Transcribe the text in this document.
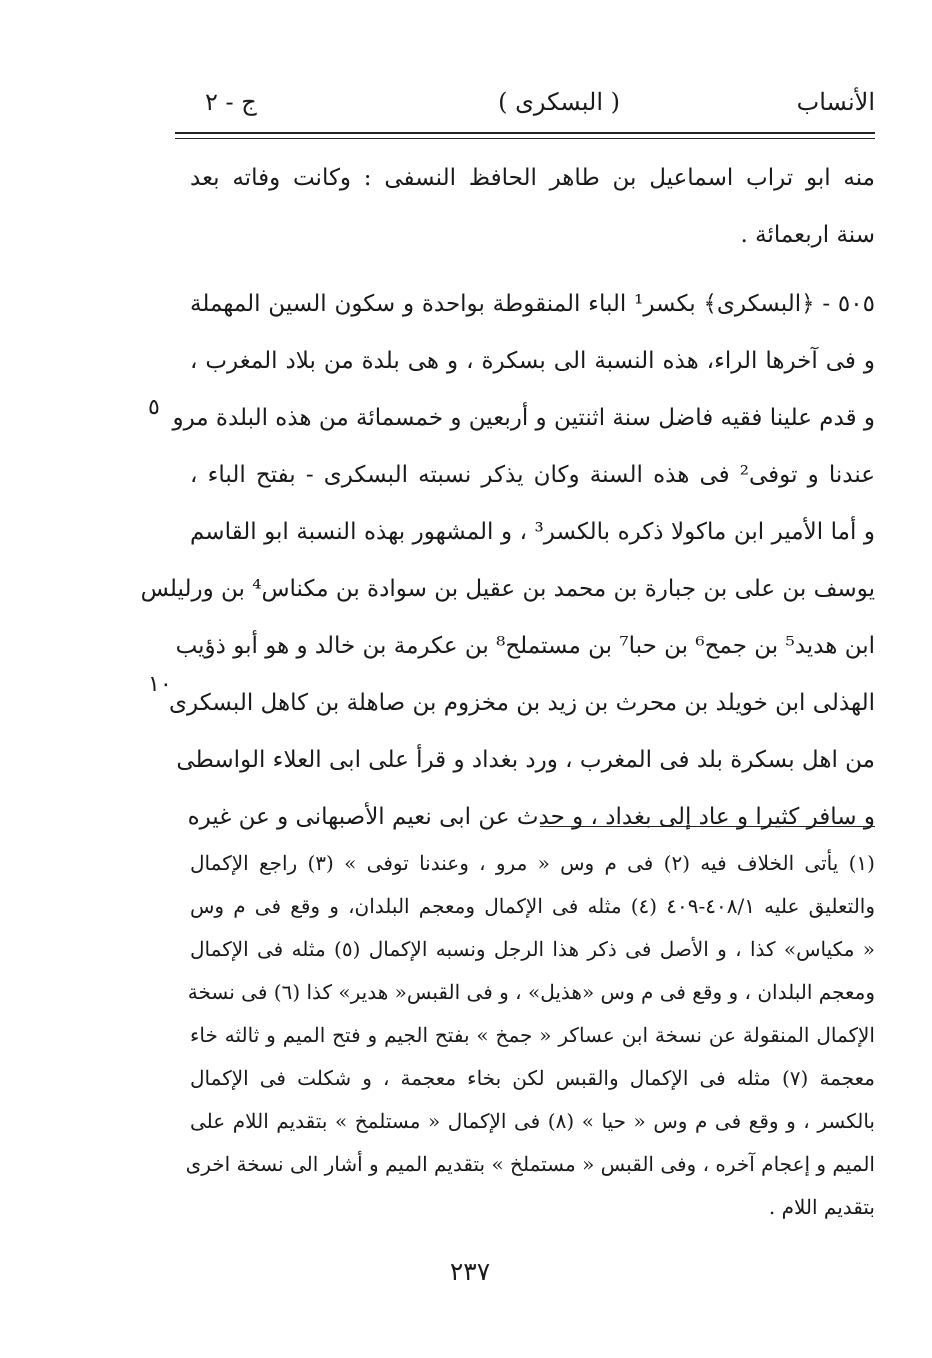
الأنساب
( البسكرى )
ج - ٢
منه ابو تراب اسماعيل بن طاهر الحافظ النسفى : وكانت وفاته بعد
سنة اربعمائة .
٥٠٥ - ﴿البسكرى﴾ بكسر¹ الباء المنقوطة بواحدة و سكون السين المهملة
و فى آخرها الراء، هذه النسبة الى بسكرة ، و هى بلدة من بلاد المغرب ،
و قدم علينا فقيه فاضل سنة اثنتين و أربعين و خمسمائة من هذه البلدة مرو
عندنا و توفى² فى هذه السنة وكان يذكر نسبته البسكرى - بفتح الباء ،
و أما الأمير ابن ماكولا ذكره بالكسر³ ، و المشهور بهذه النسبة ابو القاسم
يوسف بن على بن جبارة بن محمد بن عقيل بن سوادة بن مكناس⁴ بن ورليلس
ابن هديد⁵ بن جمح⁶ بن حبا⁷ بن مستملح⁸ بن عكرمة بن خالد و هو أبو ذؤيب
الهذلى ابن خويلد بن محرث بن زيد بن مخزوم بن صاهلة بن كاهل البسكرى
من اهل بسكرة بلد فى المغرب ، ورد بغداد و قرأ على ابى العلاء الواسطى
و سافر كثيرا و عاد إلى بغداد ، و حدث عن ابى نعيم الأصبهانى و عن غيره
٥
١٠
(١) يأتى الخلاف فيه (٢) فى م وس « مرو ، وعندنا توفى » (٣) راجع الإكمال
والتعليق عليه ٤٠٨/١-٤٠٩ (٤) مثله فى الإكمال ومعجم البلدان، و وقع فى م وس
« مكياس» كذا ، و الأصل فى ذكر هذا الرجل ونسبه الإكمال (٥) مثله فى الإكمال
ومعجم البلدان ، و وقع فى م وس «هذيل» ، و فى القبس« هدير» كذا (٦) فى نسخة
الإكمال المنقولة عن نسخة ابن عساكر « جمخ » بفتح الجيم و فتح الميم و ثالثه خاء
معجمة (٧) مثله فى الإكمال والقبس لكن بخاء معجمة ، و شكلت فى الإكمال
بالكسر ، و وقع فى م وس « حيا » (٨) فى الإكمال « مستلمخ » بتقديم اللام على
الميم و إعجام آخره ، وفى القبس « مستملخ » بتقديم الميم و أشار الى نسخة اخرى
بتقديم اللام .
٢٣٧
